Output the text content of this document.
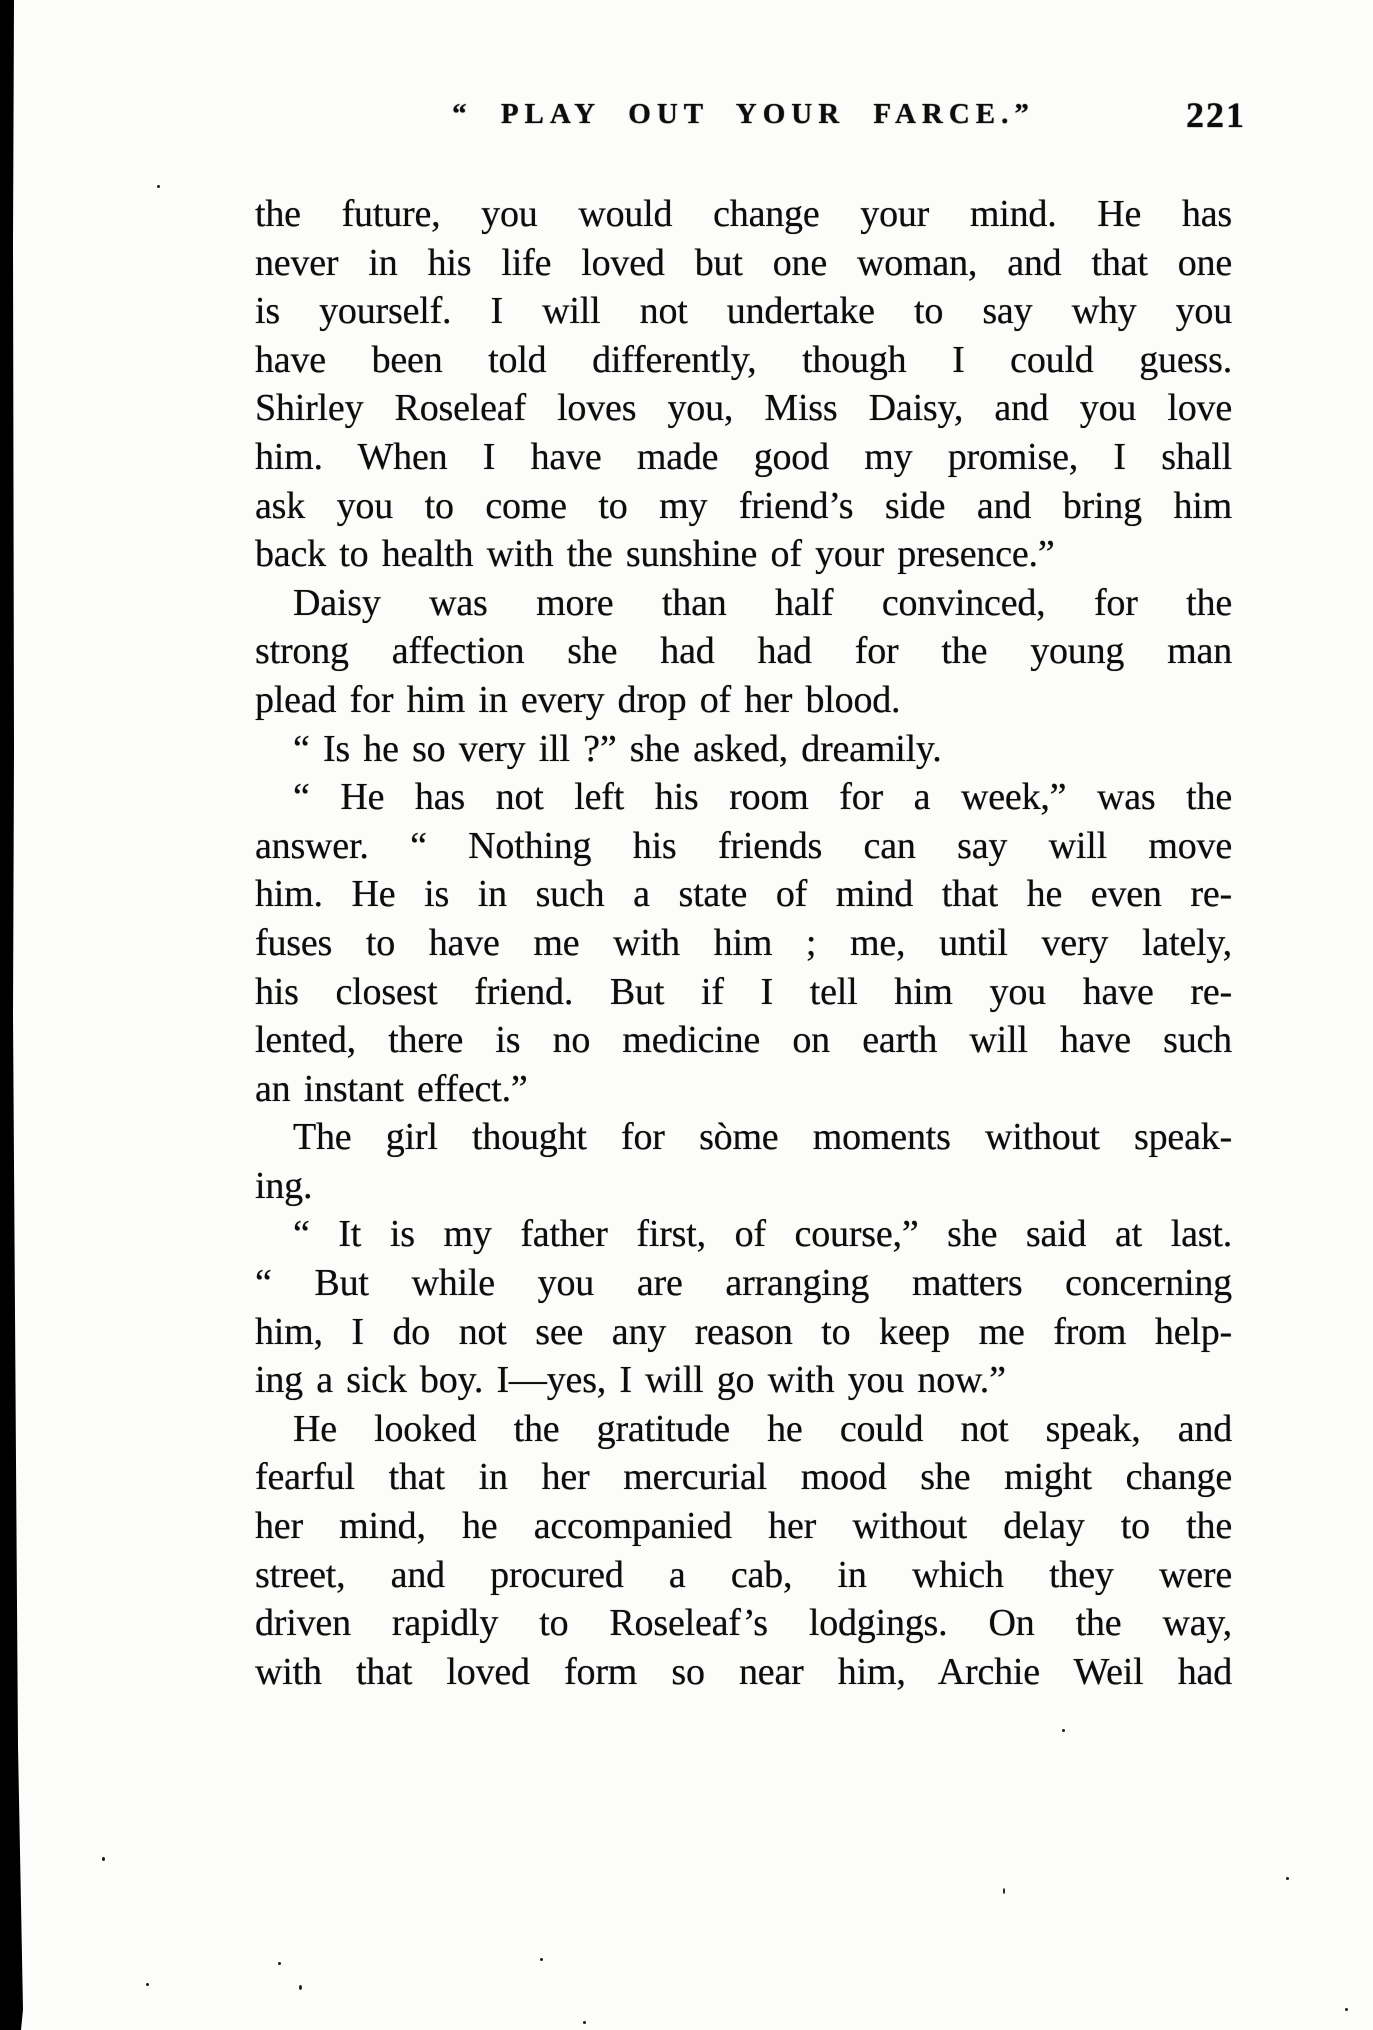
“ PLAY OUT YOUR FARCE.”	221
the future, you would change your mind. He has
never in his life loved but one woman, and that one
is yourself. I will not undertake to say why you
have been told differently, though I could guess.
Shirley Roseleaf loves you, Miss Daisy, and you love
him. When I have made good my promise, I shall
ask you to come to my friend’s side and bring him
back to health with the sunshine of your presence.”
Daisy was more than half convinced, for the
strong affection she had had for the young man
plead for him in every drop of her blood.
“ Is he so very ill ?” she asked, dreamily.
“ He has not left his room for a week,” was the
answer. “ Nothing his friends can say will move
him. He is in such a state of mind that he even re-
fuses to have me with him ; me, until very lately,
his closest friend. But if I tell him you have re-
lented, there is no medicine on earth will have such
an instant effect.”
The girl thought for sòme moments without speak-
ing.
“ It is my father first, of course,” she said at last.
“ But while you are arranging matters concerning
him, I do not see any reason to keep me from help-
ing a sick boy. I—yes, I will go with you now.”
He looked the gratitude he could not speak, and
fearful that in her mercurial mood she might change
her mind, he accompanied her without delay to the
street, and procured a cab, in which they were
driven rapidly to Roseleaf’s lodgings. On the way,
with that loved form so near him, Archie Weil had
